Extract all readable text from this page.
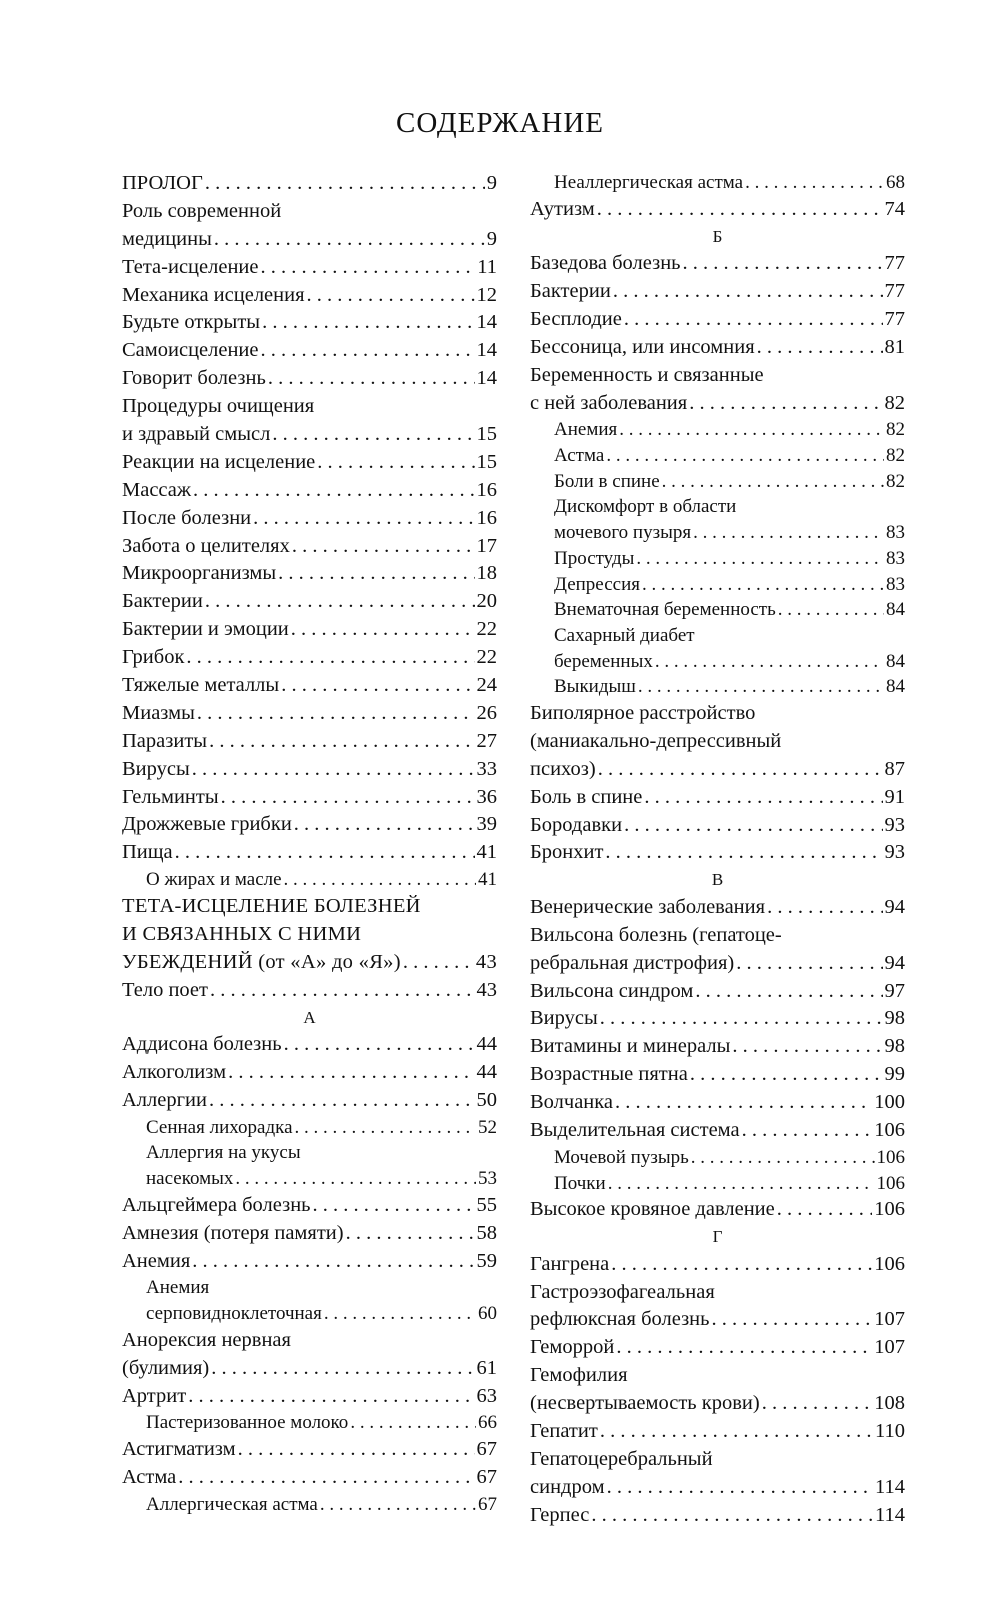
СОДЕРЖАНИЕ
ПРОЛОГ . . .	9
Роль современной
медицины . . .	9
Тета-исцеление . . .	11
Механика исцеления . . .	12
Будьте открыты . . .	14
Самоисцеление . . .	14
Говорит болезнь . . .	14
Процедуры очищения
и здравый смысл . . .	15
Реакции на исцеление . . .	15
Массаж . . .	16
После болезни . . .	16
Забота о целителях . . .	17
Микроорганизмы . . .	18
Бактерии . . .	20
Бактерии и эмоции . . .	22
Грибок . . .	22
Тяжелые металлы . . .	24
Миазмы . . .	26
Паразиты . . .	27
Вирусы . . .	33
Гельминты . . .	36
Дрожжевые грибки . . .	39
Пища . . .	41
О жирах и масле . . .	41
ТЕТА-ИСЦЕЛЕНИЕ БОЛЕЗНЕЙ
И СВЯЗАННЫХ С НИМИ
УБЕЖДЕНИЙ (от «А» до «Я») . . .	43
Тело поет . . .	43
А
Аддисона болезнь . . .	44
Алкоголизм . . .	44
Аллергии . . .	50
Сенная лихорадка . . .	52
Аллергия на укусы
насекомых . . .	53
Альцгеймера болезнь . . .	55
Амнезия (потеря памяти) . . .	58
Анемия . . .	59
Анемия
серповидноклеточная . . .	60
Анорексия нервная
(булимия) . . .	61
Артрит . . .	63
Пастеризованное молоко . . .	66
Астигматизм . . .	67
Астма . . .	67
Аллергическая астма . . .	67
Неаллергическая астма . . .	68
Аутизм . . .	74
Б
Базедова болезнь . . .	77
Бактерии . . .	77
Бесплодие . . .	77
Бессоница, или инсомния . . .	81
Беременность и связанные
с ней заболевания . . .	82
Анемия . . .	82
Астма . . .	82
Боли в спине . . .	82
Дискомфорт в области
мочевого пузыря . . .	83
Простуды . . .	83
Депрессия . . .	83
Внематочная беременность . . .	84
Сахарный диабет
беременных . . .	84
Выкидыш . . .	84
Биполярное расстройство
(маниакально-депрессивный
психоз) . . .	87
Боль в спине . . .	91
Бородавки . . .	93
Бронхит . . .	93
В
Венерические заболевания . . .	94
Вильсона болезнь (гепатоце-
ребральная дистрофия) . . .	94
Вильсона синдром . . .	97
Вирусы . . .	98
Витамины и минералы . . .	98
Возрастные пятна . . .	99
Волчанка . . .	100
Выделительная система . . .	106
Мочевой пузырь . . .	106
Почки . . .	106
Высокое кровяное давление . . .	106
Г
Гангрена . . .	106
Гастроэзофагеальная
рефлюксная болезнь . . .	107
Геморрой . . .	107
Гемофилия
(несвертываемость крови) . . .	108
Гепатит . . .	110
Гепатоцеребральный
синдром . . .	114
Герпес . . .	114
